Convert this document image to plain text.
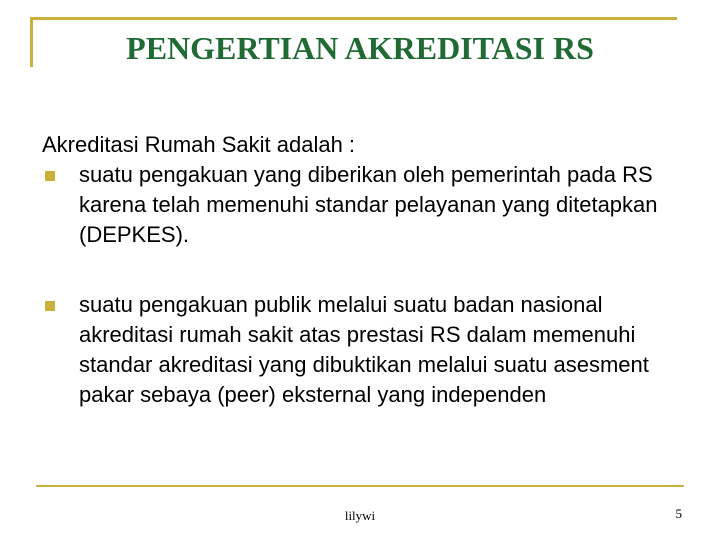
PENGERTIAN AKREDITASI RS

Akreditasi Rumah Sakit adalah :

suatu pengakuan yang diberikan oleh pemerintah pada RS karena telah memenuhi standar pelayanan yang ditetapkan (DEPKES).
suatu pengakuan publik melalui suatu badan nasional akreditasi rumah sakit atas prestasi RS dalam memenuhi standar akreditasi yang dibuktikan melalui suatu asesment pakar sebaya (peer) eksternal yang independen
lilywi	5
